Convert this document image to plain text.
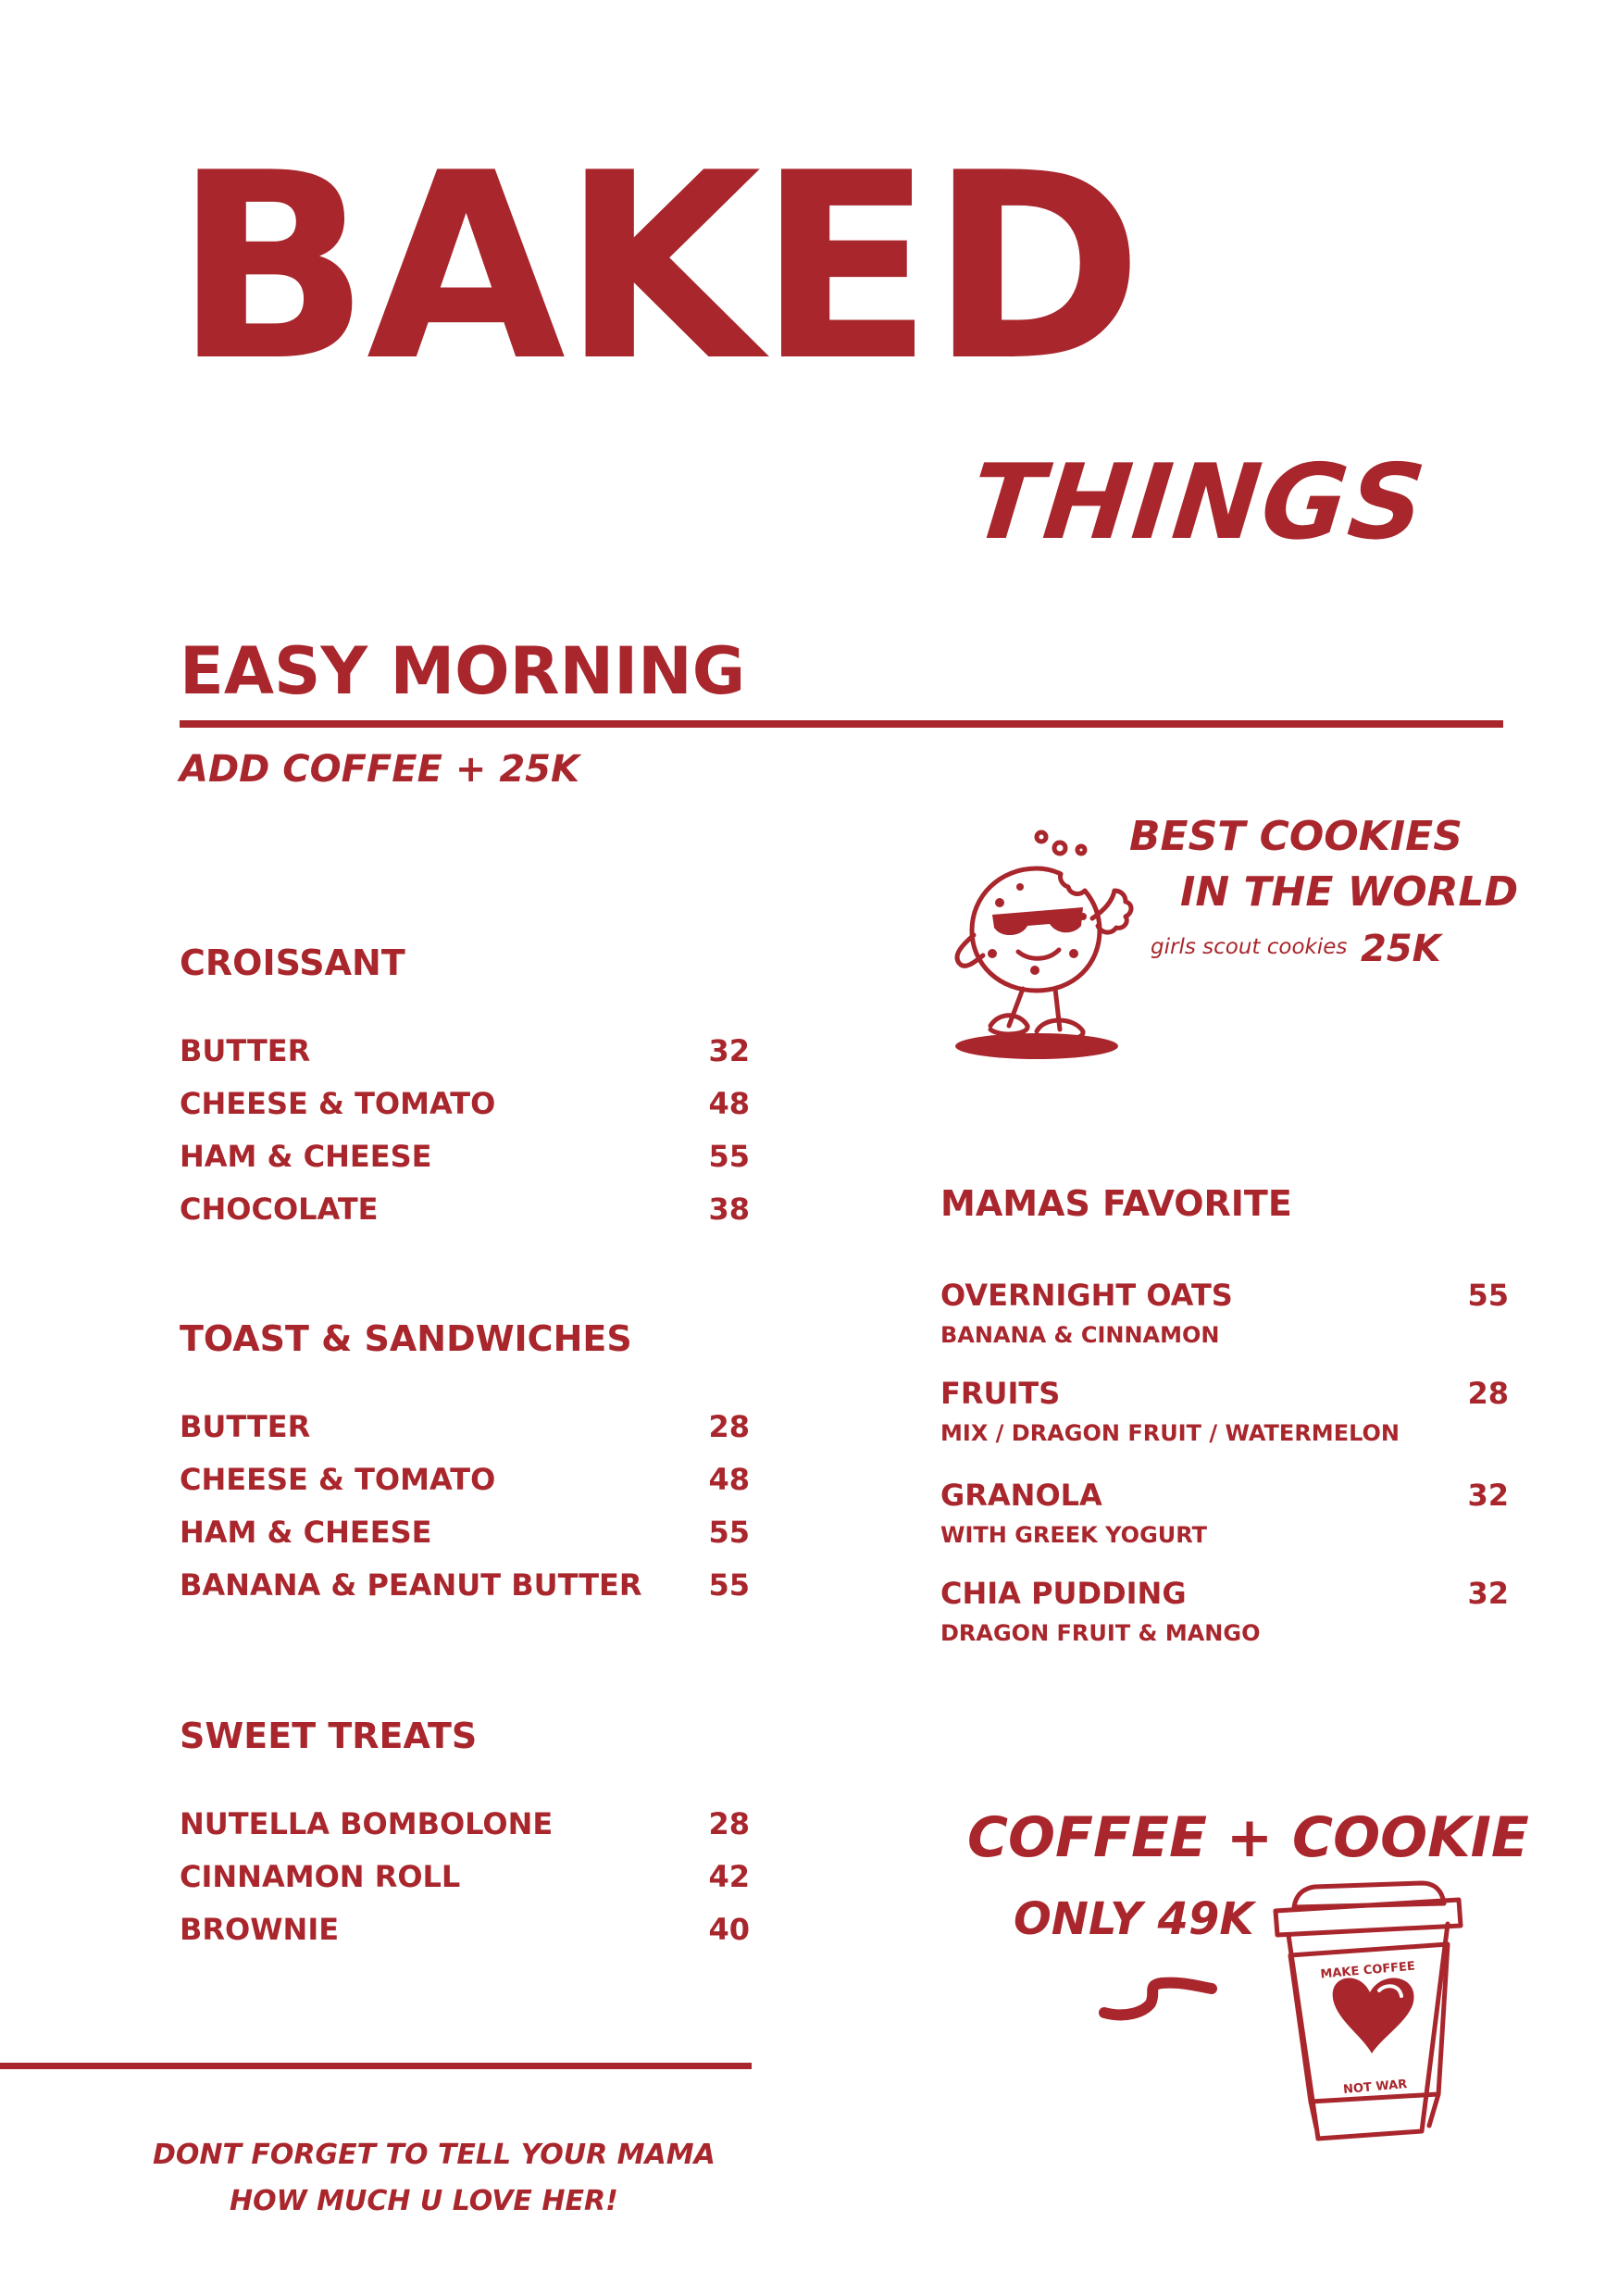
BAKED
THINGS
EASY MORNING
ADD COFFEE + 25K
CROISSANT
BUTTER	32
CHEESE & TOMATO	48
HAM & CHEESE	55
CHOCOLATE	38
TOAST & SANDWICHES
BUTTER	28
CHEESE & TOMATO	48
HAM & CHEESE	55
BANANA & PEANUT BUTTER	55
SWEET TREATS
NUTELLA BOMBOLONE	28
CINNAMON ROLL	42
BROWNIE	40
BEST COOKIES
IN THE WORLD
girls scout cookies 25K
MAMAS FAVORITE
OVERNIGHT OATS	55
BANANA & CINNAMON
FRUITS	28
MIX / DRAGON FRUIT / WATERMELON
GRANOLA	32
WITH GREEK YOGURT
CHIA PUDDING	32
DRAGON FRUIT & MANGO
COFFEE + COOKIE
ONLY 49K
MAKE COFFEE
NOT WAR
DONT FORGET TO TELL YOUR MAMA
HOW MUCH U LOVE HER!
